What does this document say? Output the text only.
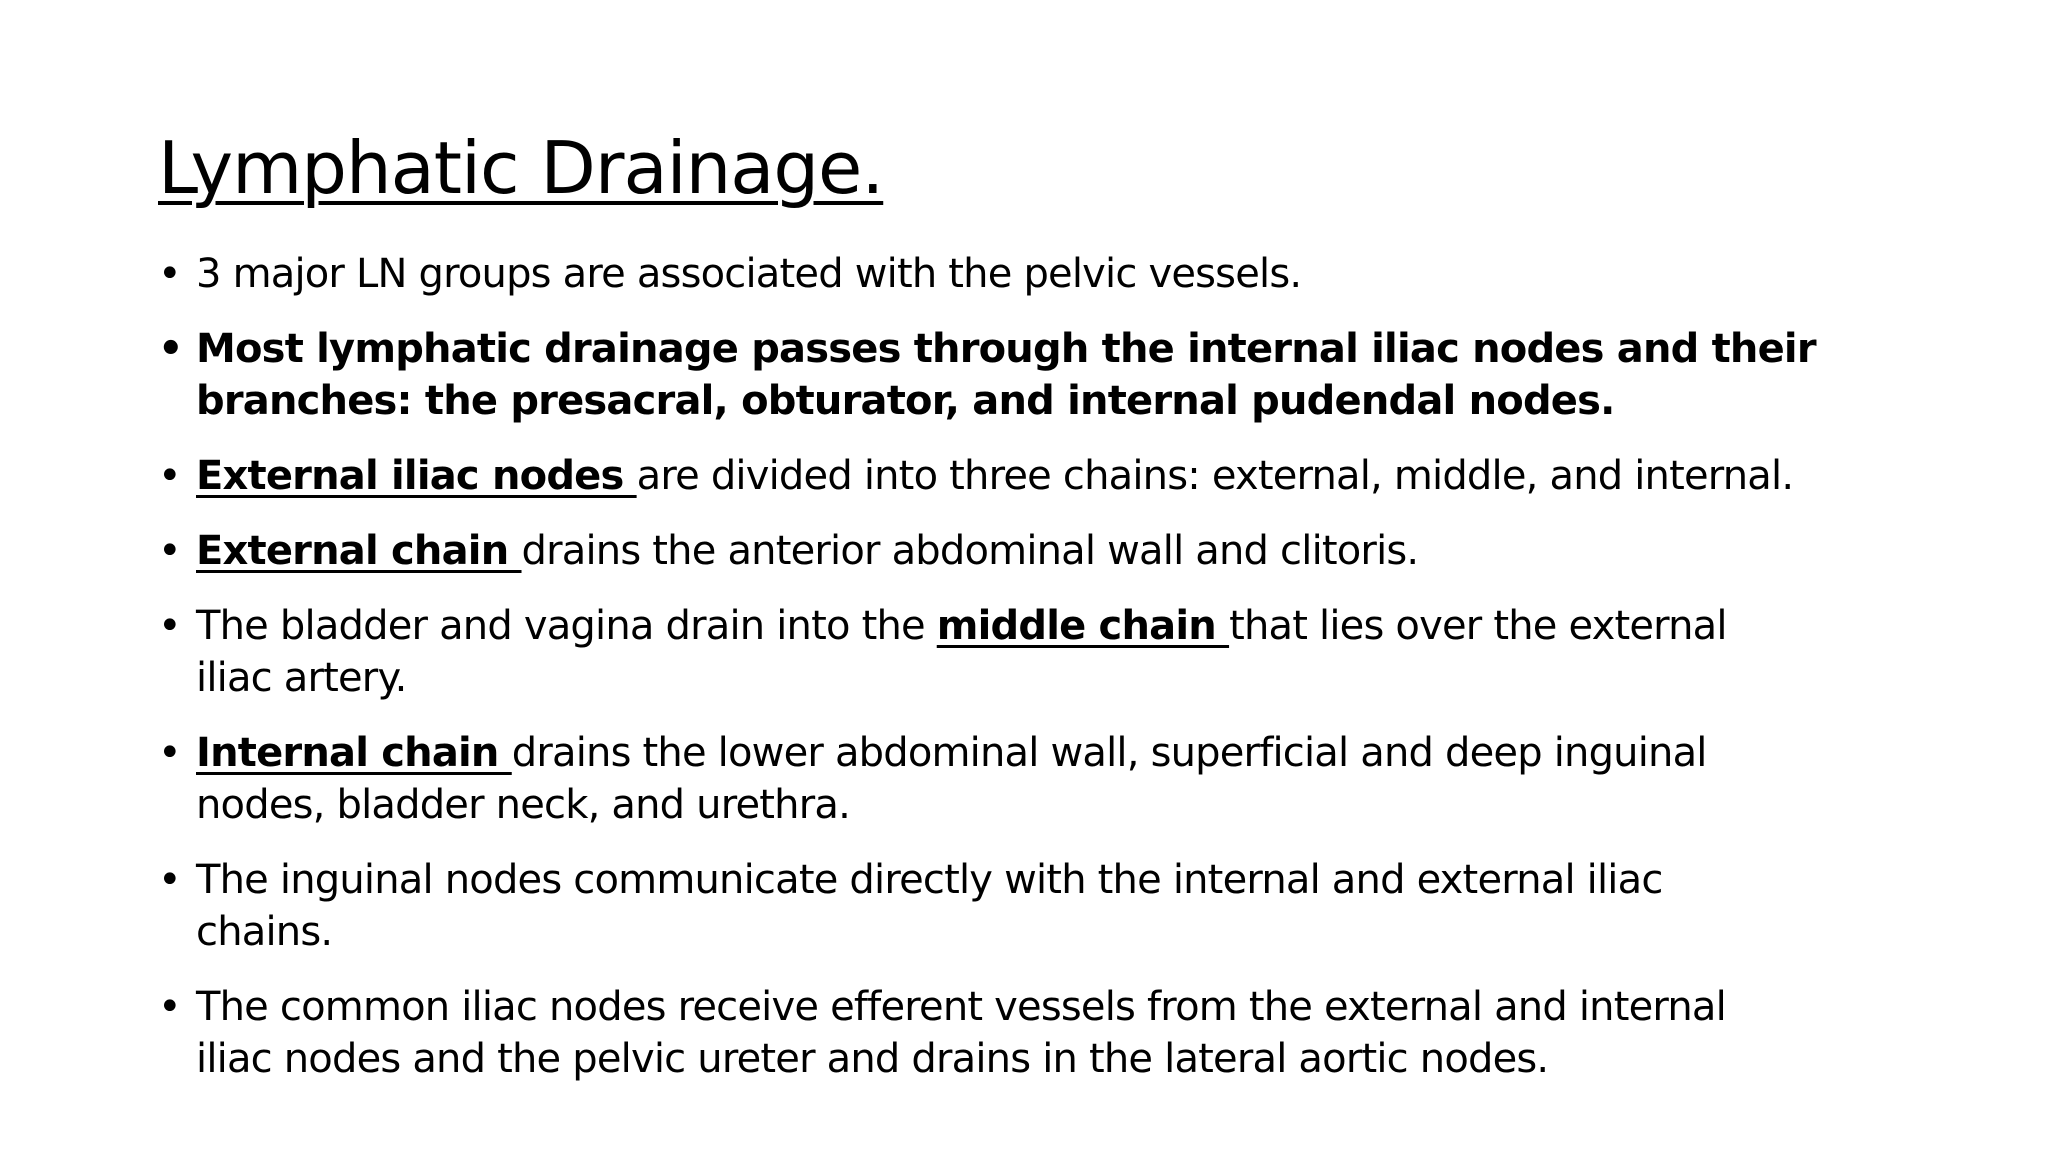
Lymphatic Drainage.
• 3 major LN groups are associated with the pelvic vessels.
• Most lymphatic drainage passes through the internal iliac nodes and their
branches: the presacral, obturator, and internal pudendal nodes.
• External iliac nodes are divided into three chains: external, middle, and internal.
• External chain drains the anterior abdominal wall and clitoris.
• The bladder and vagina drain into the middle chain that lies over the external
iliac artery.
• Internal chain drains the lower abdominal wall, superficial and deep inguinal
nodes, bladder neck, and urethra.
• The inguinal nodes communicate directly with the internal and external iliac
chains.
• The common iliac nodes receive efferent vessels from the external and internal
iliac nodes and the pelvic ureter and drains in the lateral aortic nodes.
